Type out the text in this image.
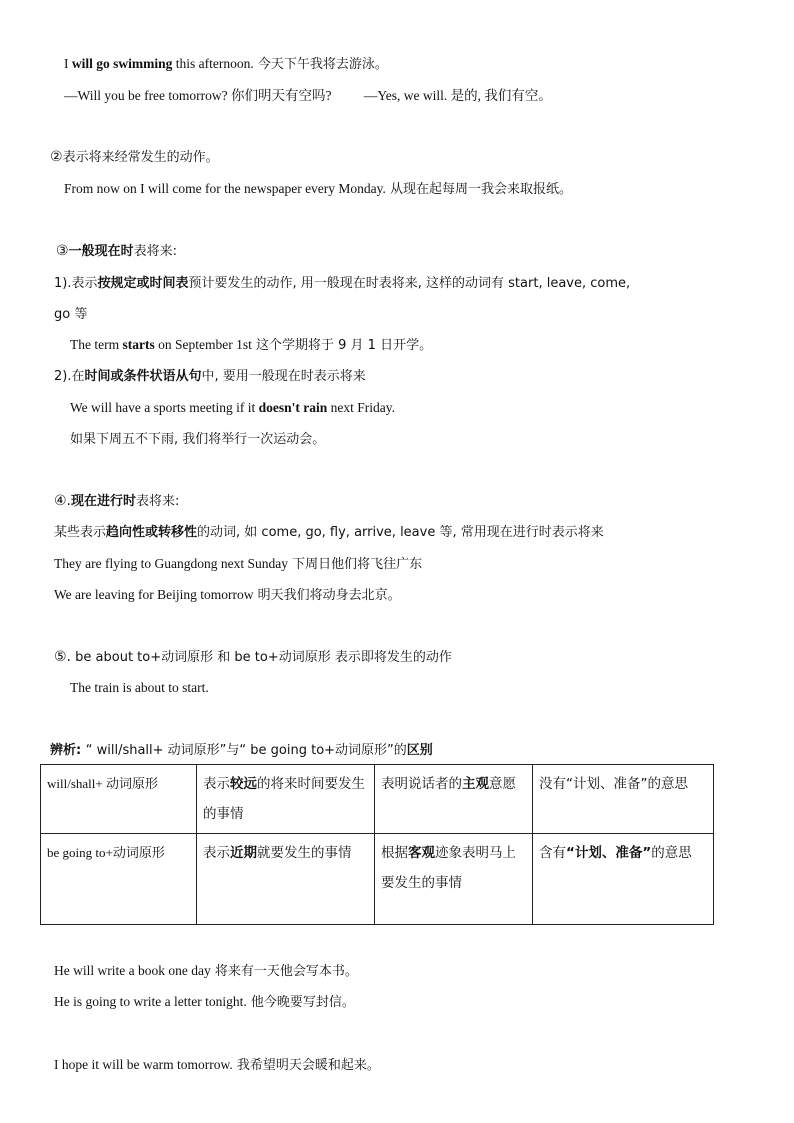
I will go swimming this afternoon. 今天下午我将去游泳。
—Will you be free tomorrow? 你们明天有空吗? —Yes, we will. 是的, 我们有空。
②表示将来经常发生的动作。
From now on I will come for the newspaper every Monday. 从现在起每周一我会来取报纸。
③一般现在时表将来:
1).表示按规定或时间表预计要发生的动作, 用一般现在时表将来, 这样的动词有 start, leave, come,
go 等
The term starts on September 1st 这个学期将于 9 月 1 日开学。
2).在时间或条件状语从句中, 要用一般现在时表示将来
We will have a sports meeting if it doesn't rain next Friday.
如果下周五不下雨, 我们将举行一次运动会。
④.现在进行时表将来:
某些表示趋向性或转移性的动词, 如 come, go, fly, arrive, leave 等, 常用现在进行时表示将来
They are flying to Guangdong next Sunday 下周日他们将飞往广东
We are leaving for Beijing tomorrow 明天我们将动身去北京。
⑤. be about to+动词原形 和 be to+动词原形 表示即将发生的动作
The train is about to start.
辨析: “ will/shall+ 动词原形”与“ be going to+动词原形”的区别
will/shall+ 动词原形	表示较远的将来时间要发生的事情	表明说话者的主观意愿	没有“计划、准备”的意思
be going to+动词原形	表示近期就要发生的事情	根据客观迹象表明马上要发生的事情	含有“计划、准备”的意思
He will write a book one day 将来有一天他会写本书。
He is going to write a letter tonight. 他今晚要写封信。
I hope it will be warm tomorrow. 我希望明天会暖和起来。
